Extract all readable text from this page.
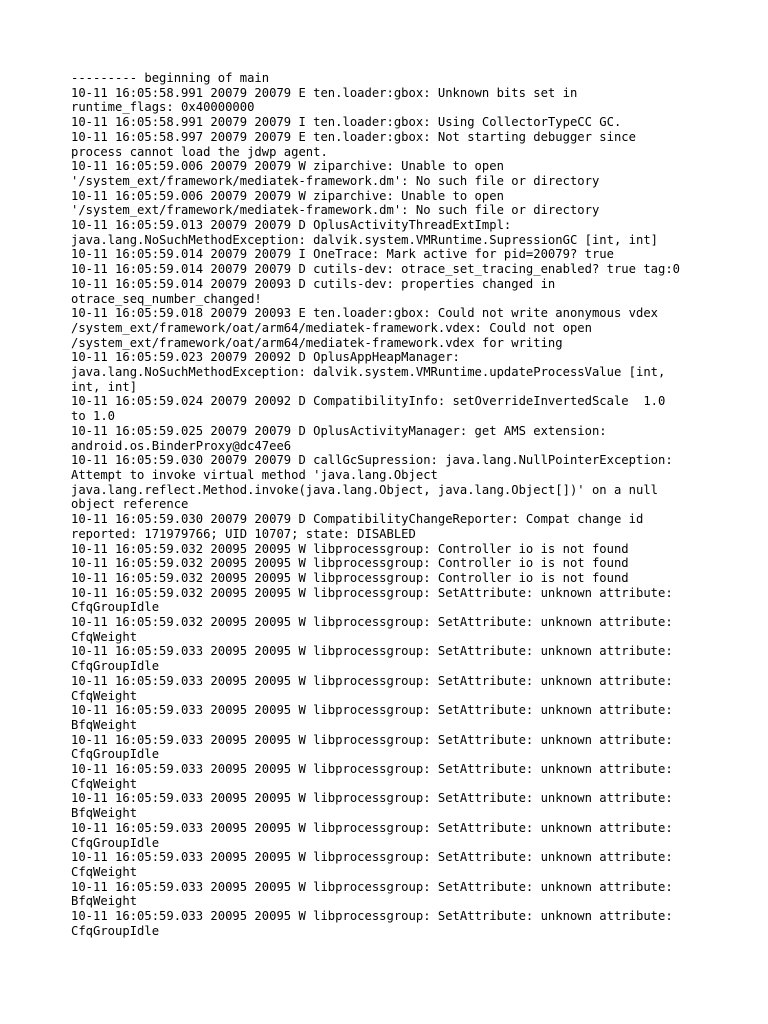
--------- beginning of main
10-11 16:05:58.991 20079 20079 E ten.loader:gbox: Unknown bits set in
runtime_flags: 0x40000000
10-11 16:05:58.991 20079 20079 I ten.loader:gbox: Using CollectorTypeCC GC.
10-11 16:05:58.997 20079 20079 E ten.loader:gbox: Not starting debugger since
process cannot load the jdwp agent.
10-11 16:05:59.006 20079 20079 W ziparchive: Unable to open
'/system_ext/framework/mediatek-framework.dm': No such file or directory
10-11 16:05:59.006 20079 20079 W ziparchive: Unable to open
'/system_ext/framework/mediatek-framework.dm': No such file or directory
10-11 16:05:59.013 20079 20079 D OplusActivityThreadExtImpl:
java.lang.NoSuchMethodException: dalvik.system.VMRuntime.SupressionGC [int, int]
10-11 16:05:59.014 20079 20079 I OneTrace: Mark active for pid=20079? true
10-11 16:05:59.014 20079 20079 D cutils-dev: otrace_set_tracing_enabled? true tag:0
10-11 16:05:59.014 20079 20093 D cutils-dev: properties changed in
otrace_seq_number_changed!
10-11 16:05:59.018 20079 20093 E ten.loader:gbox: Could not write anonymous vdex
/system_ext/framework/oat/arm64/mediatek-framework.vdex: Could not open
/system_ext/framework/oat/arm64/mediatek-framework.vdex for writing
10-11 16:05:59.023 20079 20092 D OplusAppHeapManager:
java.lang.NoSuchMethodException: dalvik.system.VMRuntime.updateProcessValue [int,
int, int]
10-11 16:05:59.024 20079 20092 D CompatibilityInfo: setOverrideInvertedScale  1.0
to 1.0
10-11 16:05:59.025 20079 20079 D OplusActivityManager: get AMS extension:
android.os.BinderProxy@dc47ee6
10-11 16:05:59.030 20079 20079 D callGcSupression: java.lang.NullPointerException:
Attempt to invoke virtual method 'java.lang.Object
java.lang.reflect.Method.invoke(java.lang.Object, java.lang.Object[])' on a null
object reference
10-11 16:05:59.030 20079 20079 D CompatibilityChangeReporter: Compat change id
reported: 171979766; UID 10707; state: DISABLED
10-11 16:05:59.032 20095 20095 W libprocessgroup: Controller io is not found
10-11 16:05:59.032 20095 20095 W libprocessgroup: Controller io is not found
10-11 16:05:59.032 20095 20095 W libprocessgroup: Controller io is not found
10-11 16:05:59.032 20095 20095 W libprocessgroup: SetAttribute: unknown attribute:
CfqGroupIdle
10-11 16:05:59.032 20095 20095 W libprocessgroup: SetAttribute: unknown attribute:
CfqWeight
10-11 16:05:59.033 20095 20095 W libprocessgroup: SetAttribute: unknown attribute:
CfqGroupIdle
10-11 16:05:59.033 20095 20095 W libprocessgroup: SetAttribute: unknown attribute:
CfqWeight
10-11 16:05:59.033 20095 20095 W libprocessgroup: SetAttribute: unknown attribute:
BfqWeight
10-11 16:05:59.033 20095 20095 W libprocessgroup: SetAttribute: unknown attribute:
CfqGroupIdle
10-11 16:05:59.033 20095 20095 W libprocessgroup: SetAttribute: unknown attribute:
CfqWeight
10-11 16:05:59.033 20095 20095 W libprocessgroup: SetAttribute: unknown attribute:
BfqWeight
10-11 16:05:59.033 20095 20095 W libprocessgroup: SetAttribute: unknown attribute:
CfqGroupIdle
10-11 16:05:59.033 20095 20095 W libprocessgroup: SetAttribute: unknown attribute:
CfqWeight
10-11 16:05:59.033 20095 20095 W libprocessgroup: SetAttribute: unknown attribute:
BfqWeight
10-11 16:05:59.033 20095 20095 W libprocessgroup: SetAttribute: unknown attribute:
CfqGroupIdle
